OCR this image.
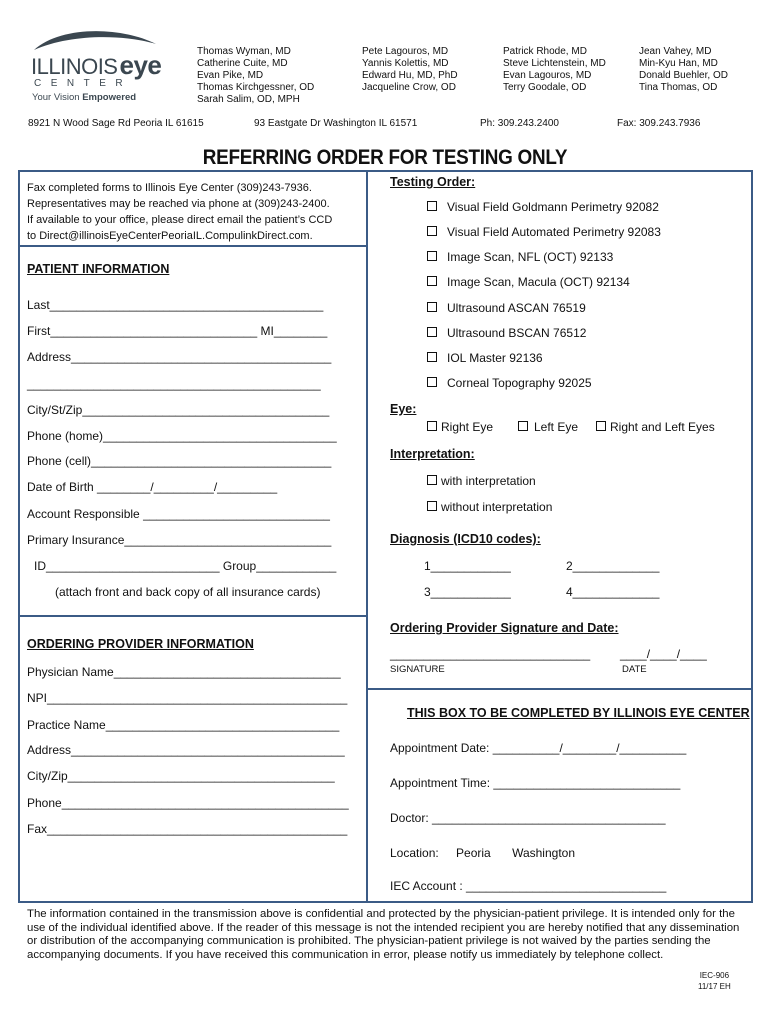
ILLINOISeye
CENTER
Your Vision Empowered
Thomas Wyman, MD
Catherine Cuite, MD
Evan Pike, MD
Thomas Kirchgessner, OD
Sarah Salim, OD, MPH
Pete Lagouros, MD
Yannis Kolettis, MD
Edward Hu, MD, PhD
Jacqueline Crow, OD
Patrick Rhode, MD
Steve Lichtenstein, MD
Evan Lagouros, MD
Terry Goodale, OD
Jean Vahey, MD
Min-Kyu Han, MD
Donald Buehler, OD
Tina Thomas, OD
8921 N Wood Sage Rd Peoria IL 61615	93 Eastgate Dr Washington IL 61571	Ph: 309.243.2400	Fax: 309.243.7936
REFERRING ORDER FOR TESTING ONLY
Fax completed forms to Illinois Eye Center (309)243-7936.
Representatives may be reached via phone at (309)243-2400.
If available to your office, please direct email the patient’s CCD
to Direct@illinoisEyeCenterPeoriaIL.CompulinkDirect.com.
PATIENT INFORMATION
Last_________________________________________
First_______________________________ MI________
Address_______________________________________
____________________________________________
City/St/Zip_____________________________________
Phone (home)___________________________________
Phone (cell)____________________________________
Date of Birth ________/_________/_________
Account Responsible ____________________________
Primary Insurance_______________________________
ID__________________________ Group____________
(attach front and back copy of all insurance cards)
ORDERING PROVIDER INFORMATION
Physician Name__________________________________
NPI_____________________________________________
Practice Name___________________________________
Address_________________________________________
City/Zip________________________________________
Phone___________________________________________
Fax_____________________________________________
Testing Order:
Visual Field Goldmann Perimetry 92082
Visual Field Automated Perimetry 92083
Image Scan, NFL (OCT) 92133
Image Scan, Macula (OCT) 92134
Ultrasound ASCAN 76519
Ultrasound BSCAN 76512
IOL Master 92136
Corneal Topography 92025
Eye:
Right Eye	Left Eye	Right and Left Eyes
Interpretation:
with interpretation
without interpretation
Diagnosis (ICD10 codes):
1____________	2_____________
3____________	4_____________
Ordering Provider Signature and Date:
______________________________ ____/____/____
SIGNATURE	DATE
THIS BOX TO BE COMPLETED BY ILLINOIS EYE CENTER
Appointment Date: __________/________/__________
Appointment Time: ____________________________
Doctor: ___________________________________
Location: Peoria Washington
IEC Account : ______________________________
The information contained in the transmission above is confidential and protected by the physician-patient privilege. It is intended only for the use of the individual identified above. If the reader of this message is not the intended recipient you are hereby notified that any dissemination or distribution of the accompanying communication is prohibited. The physician-patient privilege is not waived by the parties sending the accompanying documents. If you have received this communication in error, please notify us immediately by telephone collect.
IEC-906
11/17 EH
